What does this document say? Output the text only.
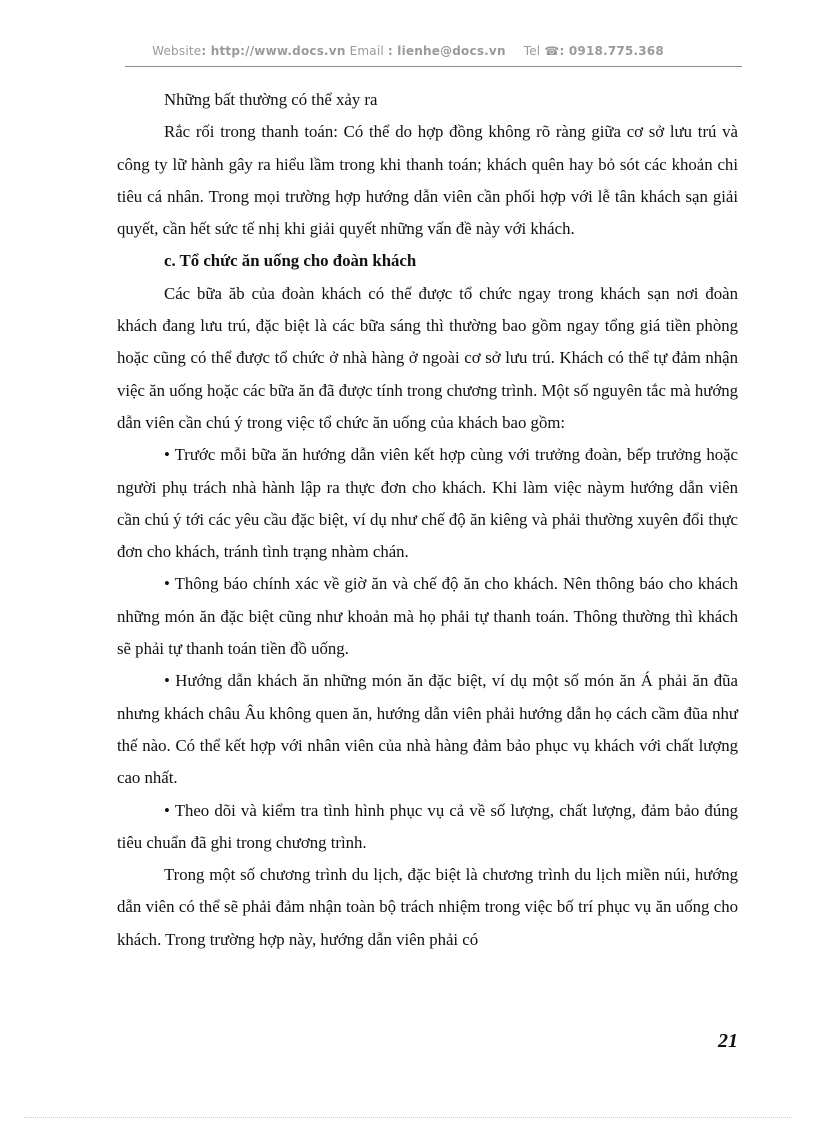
Website: http://www.docs.vn Email : lienhe@docs.vn Tel ☎: 0918.775.368

Những bất thường có thể xảy ra

Rắc rối trong thanh toán: Có thể do hợp đồng không rõ ràng giữa cơ sở lưu trú và công ty lữ hành gây ra hiểu lầm trong khi thanh toán; khách quên hay bỏ sót các khoản chi tiêu cá nhân. Trong mọi trường hợp hướng dẫn viên cần phối hợp với lễ tân khách sạn giải quyết, cần hết sức tế nhị khi giải quyết những vấn đề này với khách.

c. Tổ chức ăn uống cho đoàn khách

Các bữa ăb của đoàn khách có thể được tổ chức ngay trong khách sạn nơi đoàn khách đang lưu trú, đặc biệt là các bữa sáng thì thường bao gồm ngay tổng giá tiền phòng hoặc cũng có thể được tổ chức ở nhà hàng ở ngoài cơ sở lưu trú. Khách có thể tự đảm nhận việc ăn uống hoặc các bữa ăn đã được tính trong chương trình. Một số nguyên tắc mà hướng dẫn viên cần chú ý trong việc tổ chức ăn uống của khách bao gồm:

• Trước mỗi bữa ăn hướng dẫn viên kết hợp cùng với trưởng đoàn, bếp trưởng hoặc người phụ trách nhà hành lập ra thực đơn cho khách. Khi làm việc nàym hướng dẫn viên cần chú ý tới các yêu cầu đặc biệt, ví dụ như chế độ ăn kiêng và phải thường xuyên đổi thực đơn cho khách, tránh tình trạng nhàm chán.

• Thông báo chính xác về giờ ăn và chế độ ăn cho khách. Nên thông báo cho khách những món ăn đặc biệt cũng như khoản mà họ phải tự thanh toán. Thông thường thì khách sẽ phải tự thanh toán tiền đồ uống.

• Hướng dẫn khách ăn những món ăn đặc biệt, ví dụ một số món ăn Á phải ăn đũa nhưng khách châu Âu không quen ăn, hướng dẫn viên phải hướng dẫn họ cách cầm đũa như thế nào. Có thể kết hợp với nhân viên của nhà hàng đảm bảo phục vụ khách với chất lượng cao nhất.

• Theo dõi và kiểm tra tình hình phục vụ cả về số lượng, chất lượng, đảm bảo đúng tiêu chuẩn đã ghi trong chương trình.

Trong một số chương trình du lịch, đặc biệt là chương trình du lịch miền núi, hướng dẫn viên có thể sẽ phải đảm nhận toàn bộ trách nhiệm trong việc bố trí phục vụ ăn uống cho khách. Trong trường hợp này, hướng dẫn viên phải có

21
